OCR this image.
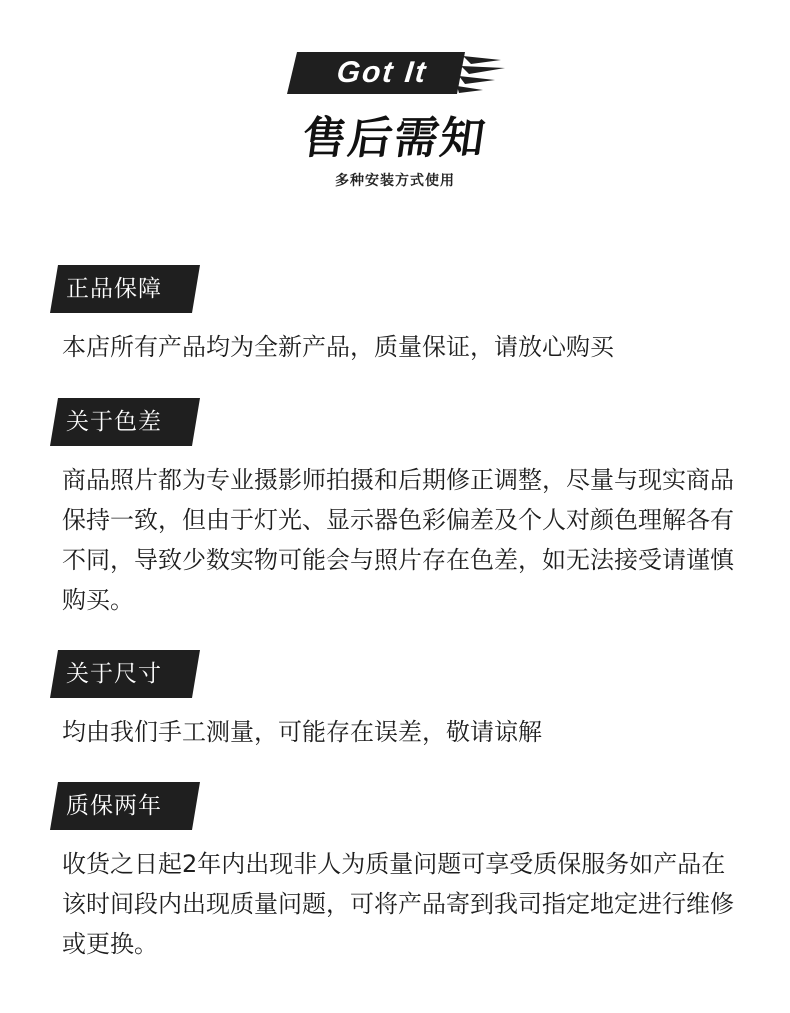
Got It
售后需知
多种安装方式使用
正品保障
本店所有产品均为全新产品，质量保证，请放心购买
关于色差
商品照片都为专业摄影师拍摄和后期修正调整，尽量与现实商品保持一致，但由于灯光、显示器色彩偏差及个人对颜色理解各有不同，导致少数实物可能会与照片存在色差，如无法接受请谨慎购买。
关于尺寸
均由我们手工测量，可能存在误差，敬请谅解
质保两年
收货之日起2年内出现非人为质量问题可享受质保服务如产品在该时间段内出现质量问题，可将产品寄到我司指定地定进行维修或更换。
